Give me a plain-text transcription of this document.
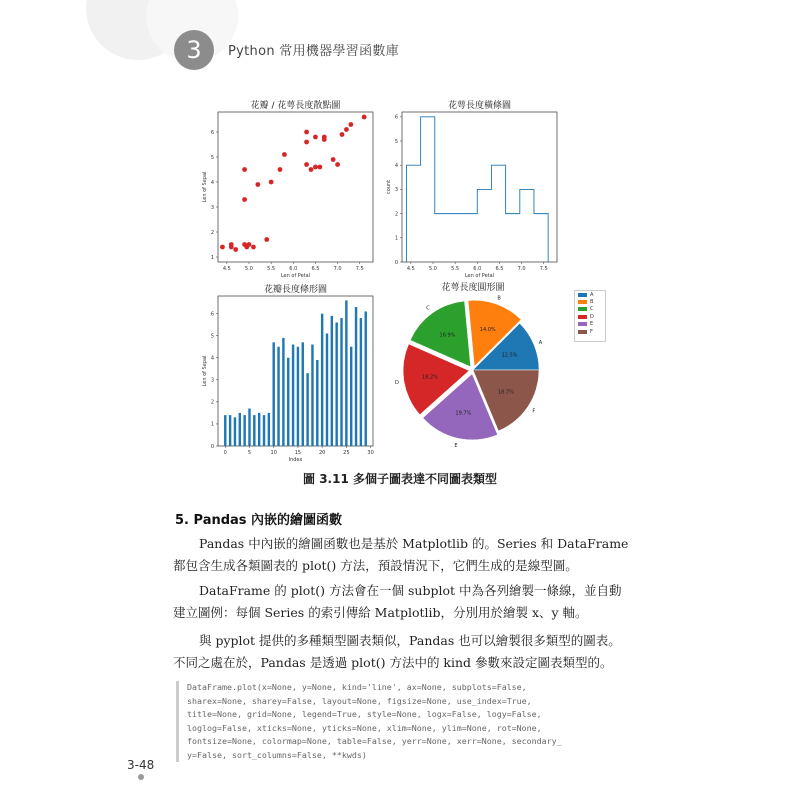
3	Python 常用機器學習函數庫
花瓣 / 花萼長度散點圖
4.5	5.0	5.5	6.0	6.5	7.0	7.5
1
2
3
4
5
6
Len of Petal
Len of Sepal
花萼長度橫條圖
4.5	5.0	5.5	6.0	6.5	7.0	7.5
0
1
2
3
4
5
6
Len of Petal
count
花瓣長度條形圖
0	5	10	15	20	25	30
0
1
2
3
4
5
6
Index
Len of Sepal
花萼長度圓形圖
12.5%
A
14.0%
B
16.9%
C
18.2%
D
19.7%
E
18.7%
F
A
B
C
D
E
F
圖 3.11 多個子圖表達不同圖表類型
5. Pandas 內嵌的繪圖函數
Pandas 中內嵌的繪圖函數也是基於 Matplotlib 的。Series 和 DataFrame 都包含生成各類圖表的 plot() 方法，預設情況下，它們生成的是線型圖。
DataFrame 的 plot() 方法會在一個 subplot 中為各列繪製一條線，並自動建立圖例：每個 Series 的索引傳給 Matplotlib，分別用於繪製 x、y 軸。
與 pyplot 提供的多種類型圖表類似，Pandas 也可以繪製很多類型的圖表。不同之處在於，Pandas 是透過 plot() 方法中的 kind 參數來設定圖表類型的。
DataFrame.plot(x=None, y=None, kind='line', ax=None, subplots=False,
sharex=None, sharey=False, layout=None, figsize=None, use_index=True,
title=None, grid=None, legend=True, style=None, logx=False, logy=False,
loglog=False, xticks=None, yticks=None, xlim=None, ylim=None, rot=None,
fontsize=None, colormap=None, table=False, yerr=None, xerr=None, secondary_
y=False, sort_columns=False, **kwds)
3-48
